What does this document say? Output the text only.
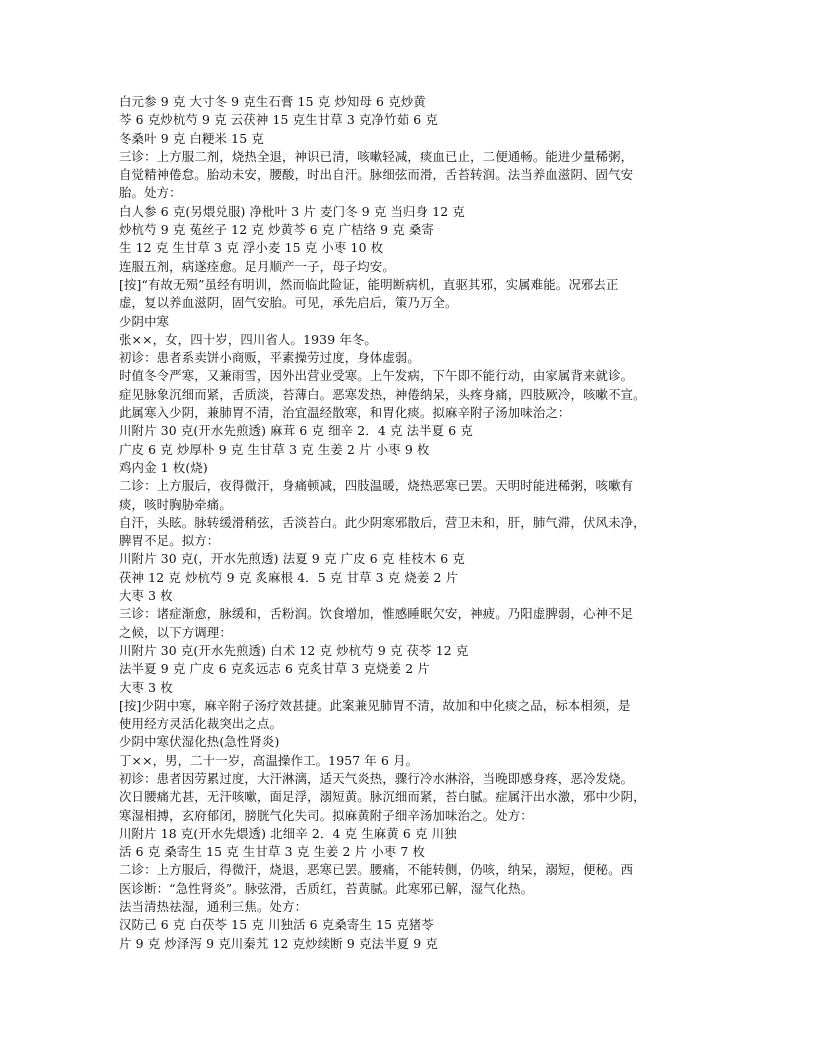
白元参 9 克 大寸冬 9 克生石膏 15 克 炒知母 6 克炒黄
芩 6 克炒杭芍 9 克 云茯神 15 克生甘草 3 克净竹茹 6 克
冬桑叶 9 克 白粳米 15 克
三诊：上方服二剂，烧热全退，神识已清，咳嗽轻减，痰血已止，二便通畅。能进少量稀粥，
自觉精神倦怠。胎动未安，腰酸，时出自汗。脉细弦而滑，舌苔转润。法当养血滋阴、固气安
胎。处方：
白人参 6 克(另煨兑服) 净枇叶 3 片 麦门冬 9 克 当归身 12 克
炒杭芍 9 克 菟丝子 12 克 炒黄芩 6 克 广桔络 9 克 桑寄
生 12 克 生甘草 3 克 浮小麦 15 克 小枣 10 枚
连服五剂，病遂痊愈。足月顺产一子，母子均安。
[按]“有故无殒”虽经有明训，然而临此险证，能明断病机，直驱其邪，实属难能。况邪去正
虚，复以养血滋阴，固气安胎。可见，承先启后，策乃万全。
少阴中寒
张××，女，四十岁，四川省人。1939 年冬。
初诊：患者系卖饼小商贩，平素操劳过度，身体虚弱。
时值冬令严寒，又兼雨雪，因外出营业受寒。上午发病，下午即不能行动，由家属背来就诊。
症见脉象沉细而紧，舌质淡，苔薄白。恶寒发热，神倦纳呆，头疼身痛，四肢厥冷，咳嗽不宣。
此属寒入少阴，兼肺胃不清，治宜温经散寒，和胃化痰。拟麻辛附子汤加味治之：
川附片 30 克(开水先煎透) 麻茸 6 克 细辛 2．4 克 法半夏 6 克
广皮 6 克 炒厚朴 9 克 生甘草 3 克 生姜 2 片 小枣 9 枚
鸡内金 1 枚(烧)
二诊：上方服后，夜得微汗，身痛顿减，四肢温暖，烧热恶寒已罢。天明时能进稀粥，咳嗽有
痰，咳时胸胁牵痛。
自汗，头眩。脉转缓滑稍弦，舌淡苔白。此少阴寒邪散后，营卫未和，肝，肺气滞，伏风未净，
脾胃不足。拟方：
川附片 30 克(，开水先煎透) 法夏 9 克 广皮 6 克 桂枝木 6 克
茯神 12 克 炒杭芍 9 克 炙麻根 4．5 克 甘草 3 克 烧姜 2 片
大枣 3 枚
三诊：诸症渐愈，脉缓和，舌粉润。饮食增加，惟感睡眠欠安，神疲。乃阳虚脾弱，心神不足
之候，以下方调理：
川附片 30 克(开水先煎透) 白术 12 克 炒杭芍 9 克 茯苓 12 克
法半夏 9 克 广皮 6 克炙远志 6 克炙甘草 3 克烧姜 2 片
大枣 3 枚
[按]少阴中寒，麻辛附子汤疗效甚捷。此案兼见肺胃不清，故加和中化痰之品，标本相须，是
使用经方灵活化裁突出之点。
少阴中寒伏湿化热(急性肾炎)
丁××，男，二十一岁，高温操作工。1957 年 6 月。
初诊：患者因劳累过度，大汗淋漓，适天气炎热，骤行冷水淋浴，当晚即感身疼，恶冷发烧。
次日腰痛尤甚，无汗咳嗽，面足浮，溺短黄。脉沉细而紧，苔白腻。症属汗出水激，邪中少阴，
寒湿相搏，玄府郁闭，膀胱气化失司。拟麻黄附子细辛汤加味治之。处方：
川附片 18 克(开水先煨透) 北细辛 2．4 克 生麻黄 6 克 川独
活 6 克 桑寄生 15 克 生甘草 3 克 生姜 2 片 小枣 7 枚
二诊：上方服后，得微汗，烧退，恶寒已罢。腰痛，不能转侧，仍咳，纳呆，溺短，便秘。西
医诊断：“急性肾炎”。脉弦滑，舌质红，苔黄腻。此寒邪已解，湿气化热。
法当清热祛湿，通利三焦。处方：
汉防己 6 克 白茯苓 15 克 川独活 6 克桑寄生 15 克猪苓
片 9 克 炒泽泻 9 克川秦艽 12 克炒续断 9 克法半夏 9 克
